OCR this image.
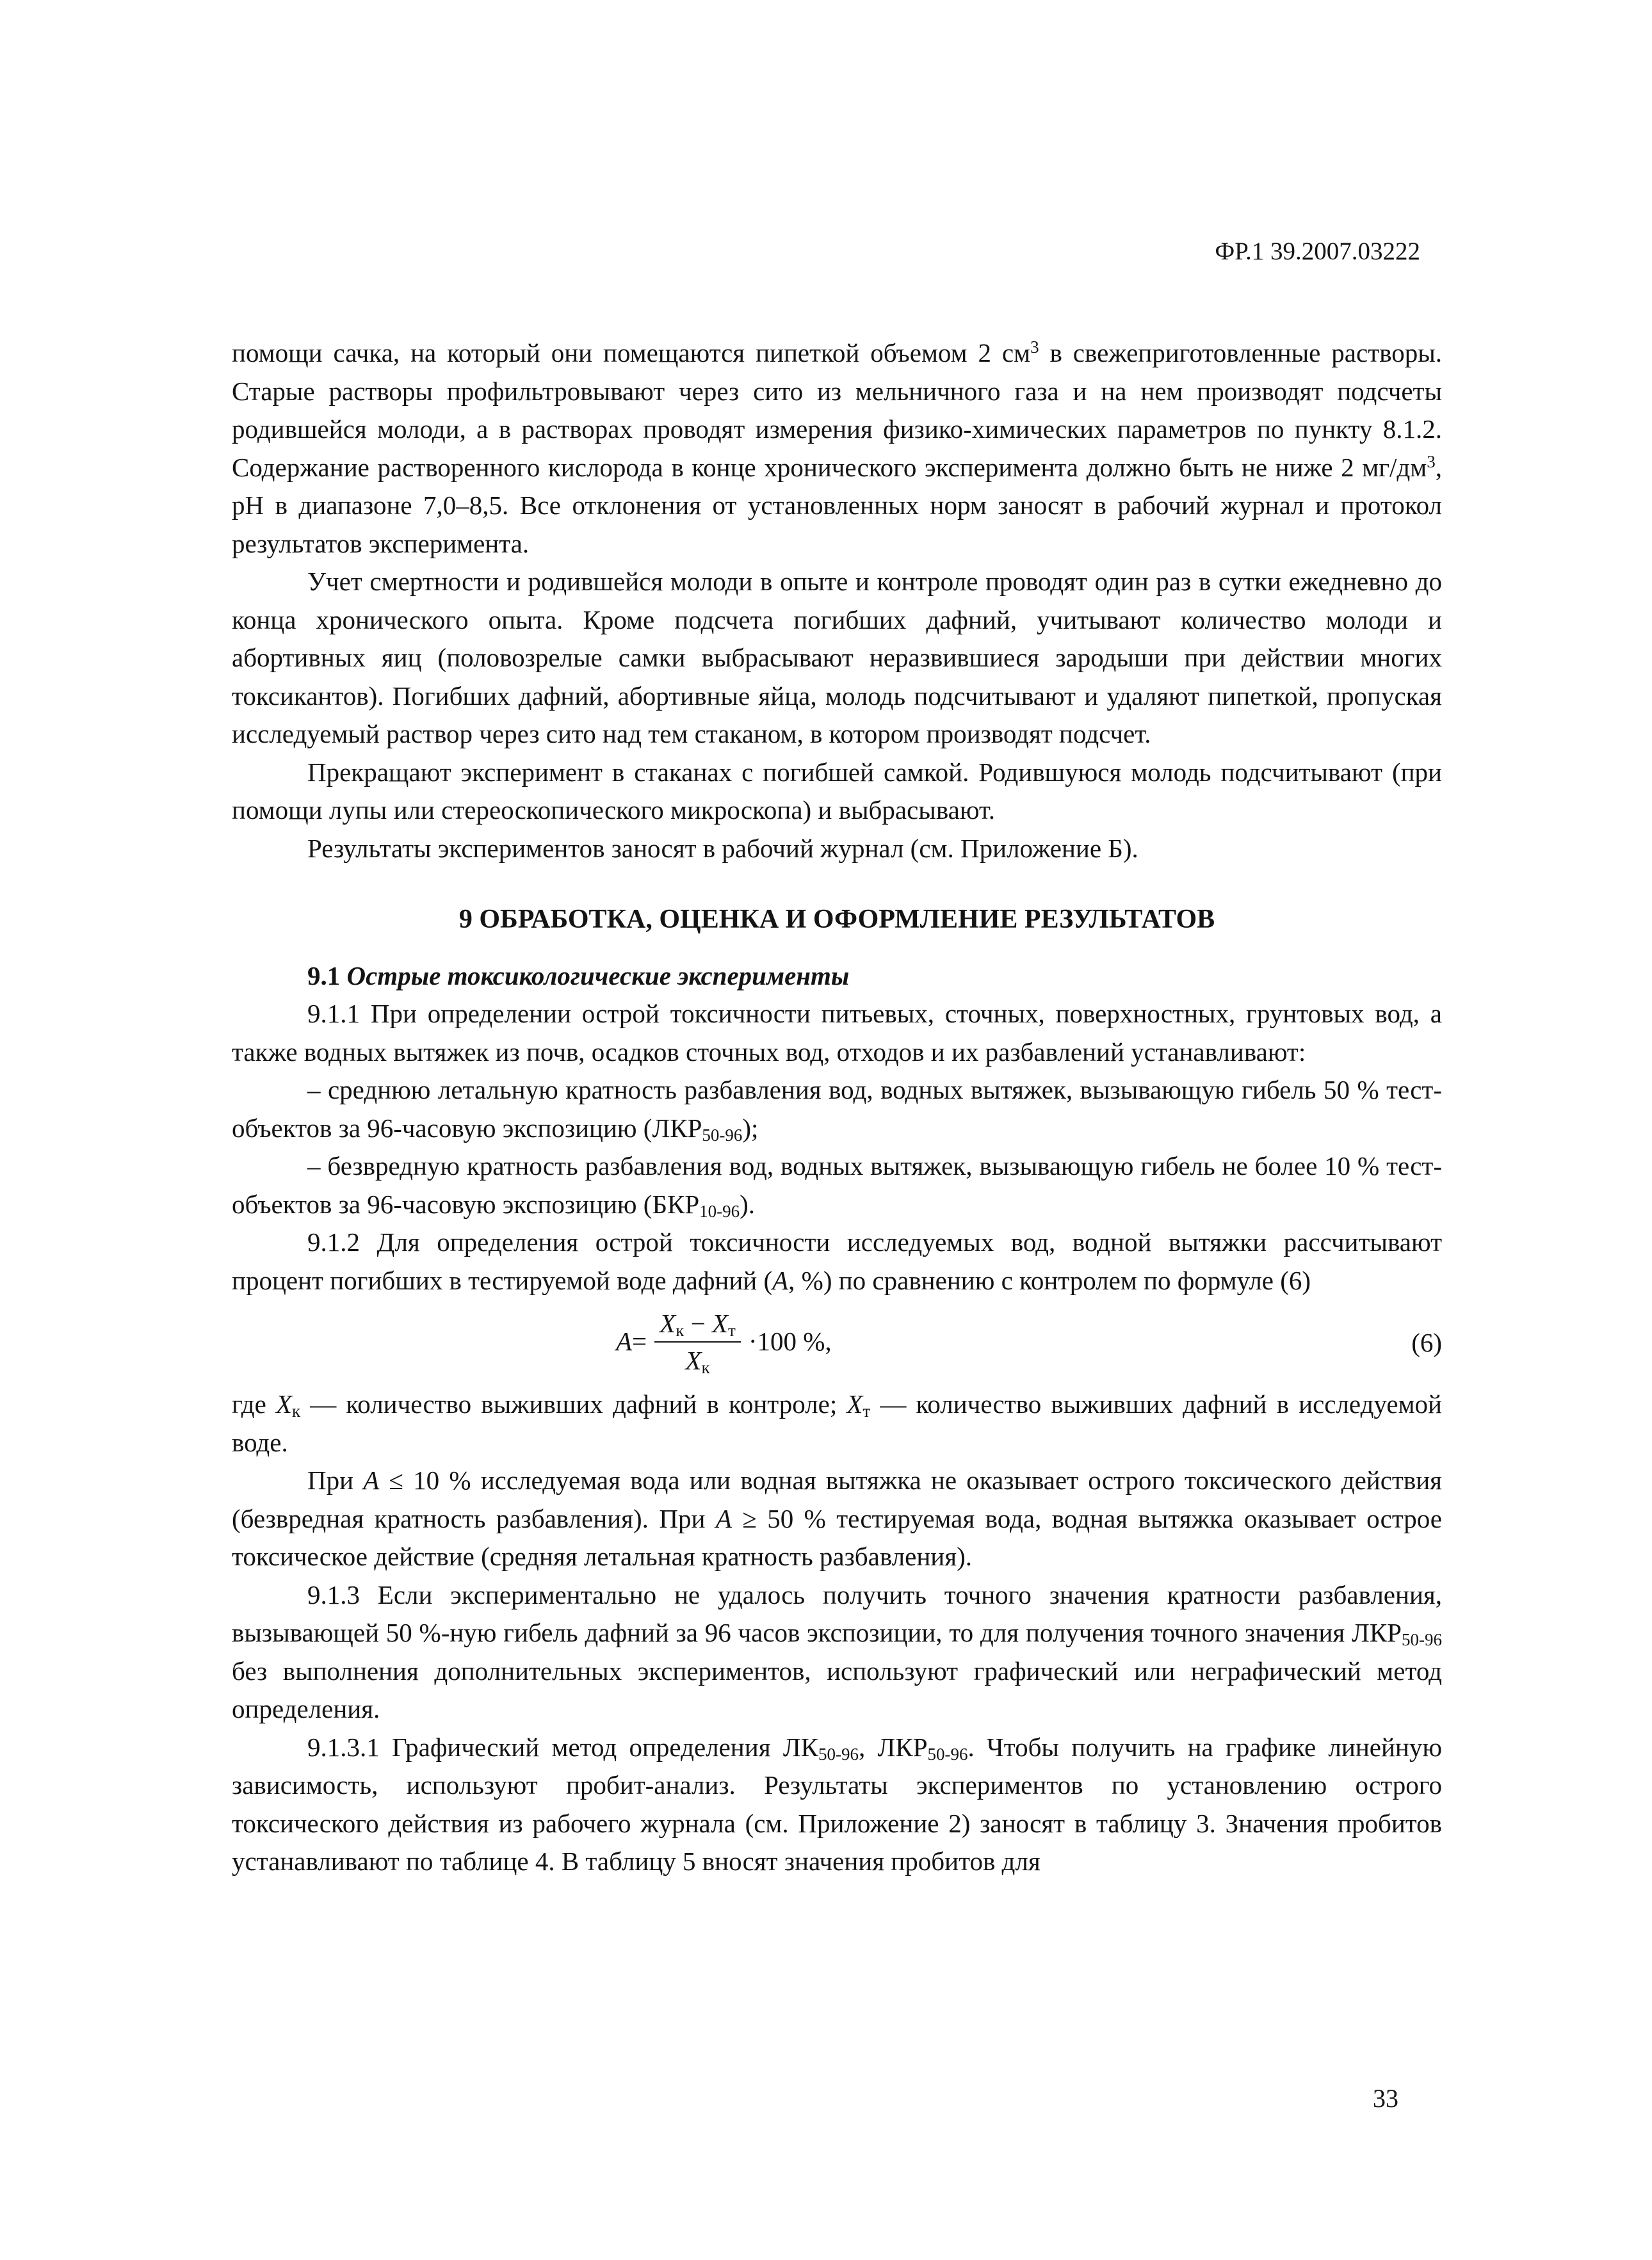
ФР.1 39.2007.03222

помощи сачка, на который они помещаются пипеткой объемом 2 $см^3$ в свежеприготовленные растворы. Старые растворы профильтровывают через сито из мельничного газа и на нем производят подсчеты родившейся молоди, а в растворах проводят измерения физико-химических параметров по пункту 8.1.2. Содержание растворенного кислорода в конце хронического эксперимента должно быть не ниже 2 $мг/дм^3$, pH в диапазоне 7,0–8,5. Все отклонения от установленных норм заносят в рабочий журнал и протокол результатов эксперимента.

Учет смертности и родившейся молоди в опыте и контроле проводят один раз в сутки ежедневно до конца хронического опыта. Кроме подсчета погибших дафний, учитывают количество молоди и абортивных яиц (половозрелые самки выбрасывают неразвившиеся зародыши при действии многих токсикантов). Погибших дафний, абортивные яйца, молодь подсчитывают и удаляют пипеткой, пропуская исследуемый раствор через сито над тем стаканом, в котором производят подсчет.

Прекращают эксперимент в стаканах с погибшей самкой. Родившуюся молодь подсчитывают (при помощи лупы или стереоскопического микроскопа) и выбрасывают.

Результаты экспериментов заносят в рабочий журнал (см. Приложение Б).

9 ОБРАБОТКА, ОЦЕНКА И ОФОРМЛЕНИЕ РЕЗУЛЬТАТОВ

9.1 Острые токсикологические эксперименты

9.1.1 При определении острой токсичности питьевых, сточных, поверхностных, грунтовых вод, а также водных вытяжек из почв, осадков сточных вод, отходов и их разбавлений устанавливают:

– среднюю летальную кратность разбавления вод, водных вытяжек, вызывающую гибель 50 % тест-объектов за 96-часовую экспозицию $(ЛКР_{50-96})$;

– безвредную кратность разбавления вод, водных вытяжек, вызывающую гибель не более 10 % тест-объектов за 96-часовую экспозицию $(БКР_{10-96})$.

9.1.2 Для определения острой токсичности исследуемых вод, водной вытяжки рассчитывают процент погибших в тестируемой воде дафний (A, %) по сравнению с контролем по формуле (6)

$A = \frac{X_к - X_т}{X_к} \cdot 100$ %,	(6)

где $X_к$ — количество выживших дафний в контроле; $X_т$ — количество выживших дафний в исследуемой воде.

При A ≤ 10 % исследуемая вода или водная вытяжка не оказывает острого токсического действия (безвредная кратность разбавления). При A ≥ 50 % тестируемая вода, водная вытяжка оказывает острое токсическое действие (средняя летальная кратность разбавления).

9.1.3 Если экспериментально не удалось получить точного значения кратности разбавления, вызывающей 50 %-ную гибель дафний за 96 часов экспозиции, то для получения точного значения $ЛКР_{50-96}$ без выполнения дополнительных экспериментов, используют графический или неграфический метод определения.

9.1.3.1 Графический метод определения $ЛК_{50-96}$, $ЛКР_{50-96}$. Чтобы получить на графике линейную зависимость, используют пробит-анализ. Результаты экспериментов по установлению острого токсического действия из рабочего журнала (см. Приложение 2) заносят в таблицу 3. Значения пробитов устанавливают по таблице 4. В таблицу 5 вносят значения пробитов для

33
